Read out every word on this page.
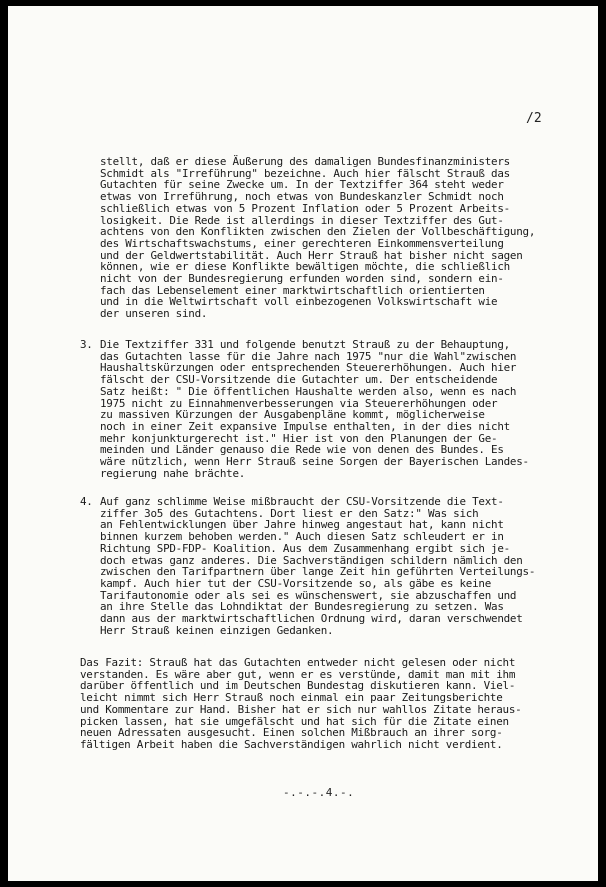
/2
stellt, daß er diese Äußerung des damaligen Bundesfinanzministers
Schmidt als "Irreführung" bezeichne. Auch hier fälscht Strauß das
Gutachten für seine Zwecke um. In der Textziffer 364 steht weder
etwas von Irreführung, noch etwas von Bundeskanzler Schmidt noch
schließlich etwas von 5 Prozent Inflation oder 5 Prozent Arbeits-
losigkeit. Die Rede ist allerdings in dieser Textziffer des Gut-
achtens von den Konflikten zwischen den Zielen der Vollbeschäftigung,
des Wirtschaftswachstums, einer gerechteren Einkommensverteilung
und der Geldwertstabilität. Auch Herr Strauß hat bisher nicht sagen
können, wie er diese Konflikte bewältigen möchte, die schließlich
nicht von der Bundesregierung erfunden worden sind, sondern ein-
fach das Lebenselement einer marktwirtschaftlich orientierten
und in die Weltwirtschaft voll einbezogenen Volkswirtschaft wie
der unseren sind.
3. Die Textziffer 331 und folgende benutzt Strauß zu der Behauptung,
das Gutachten lasse für die Jahre nach 1975 "nur die Wahl"zwischen
Haushaltskürzungen oder entsprechenden Steuererhöhungen. Auch hier
fälscht der CSU-Vorsitzende die Gutachter um. Der entscheidende
Satz heißt: " Die öffentlichen Haushalte werden also, wenn es nach
1975 nicht zu Einnahmenverbesserungen via Steuererhöhungen oder
zu massiven Kürzungen der Ausgabenpläne kommt, möglicherweise
noch in einer Zeit expansive Impulse enthalten, in der dies nicht
mehr konjunkturgerecht ist." Hier ist von den Planungen der Ge-
meinden und Länder genauso die Rede wie von denen des Bundes. Es
wäre nützlich, wenn Herr Strauß seine Sorgen der Bayerischen Landes-
regierung nahe brächte.
4. Auf ganz schlimme Weise mißbraucht der CSU-Vorsitzende die Text-
ziffer 3o5 des Gutachtens. Dort liest er den Satz:" Was sich
an Fehlentwicklungen über Jahre hinweg angestaut hat, kann nicht
binnen kurzem behoben werden." Auch diesen Satz schleudert er in
Richtung SPD-FDP- Koalition. Aus dem Zusammenhang ergibt sich je-
doch etwas ganz anderes. Die Sachverständigen schildern nämlich den
zwischen den Tarifpartnern über lange Zeit hin geführten Verteilungs-
kampf. Auch hier tut der CSU-Vorsitzende so, als gäbe es keine
Tarifautonomie oder als sei es wünschenswert, sie abzuschaffen und
an ihre Stelle das Lohndiktat der Bundesregierung zu setzen. Was
dann aus der marktwirtschaftlichen Ordnung wird, daran verschwendet
Herr Strauß keinen einzigen Gedanken.
Das Fazit: Strauß hat das Gutachten entweder nicht gelesen oder nicht
verstanden. Es wäre aber gut, wenn er es verstünde, damit man mit ihm
darüber öffentlich und im Deutschen Bundestag diskutieren kann. Viel-
leicht nimmt sich Herr Strauß noch einmal ein paar Zeitungsberichte
und Kommentare zur Hand. Bisher hat er sich nur wahllos Zitate heraus-
picken lassen, hat sie umgefälscht und hat sich für die Zitate einen
neuen Adressaten ausgesucht. Einen solchen Mißbrauch an ihrer sorg-
fältigen Arbeit haben die Sachverständigen wahrlich nicht verdient.
-.-.-.4.-.
